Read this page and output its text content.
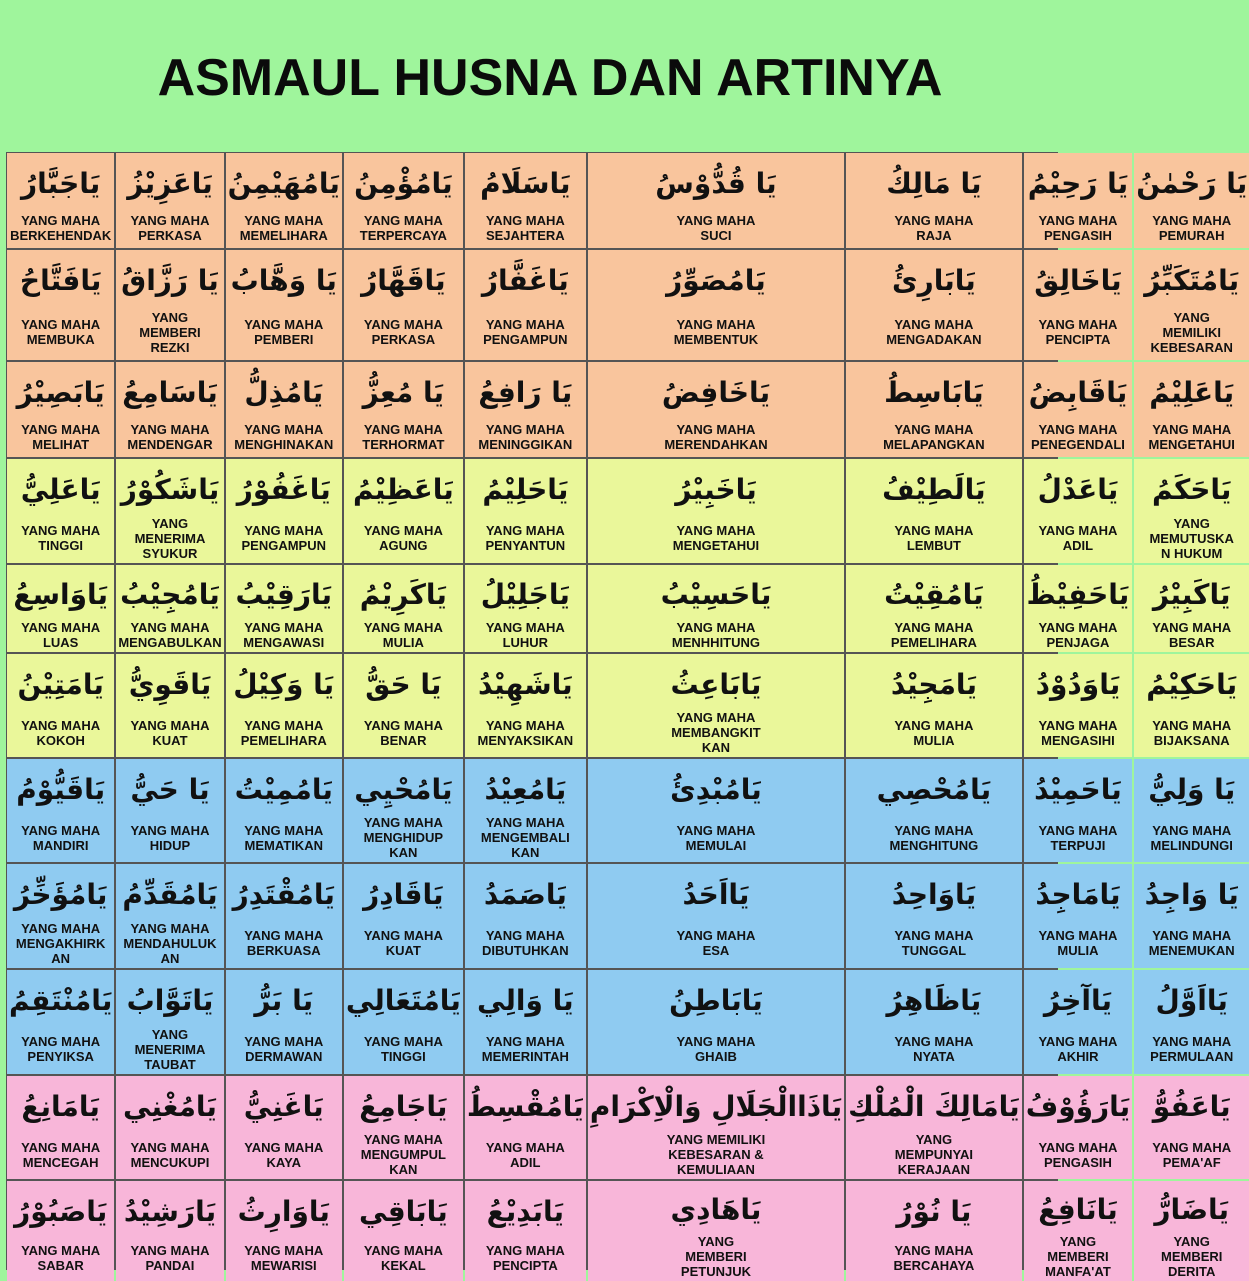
ASMAUL HUSNA DAN ARTINYA
يَاجَبَّارُ
YANG MAHA
BERKEHENDAK
يَاعَزِيْزُ
YANG MAHA
PERKASA
يَامُهَيْمِنُ
YANG MAHA
MEMELIHARA
يَامُؤْمِنُ
YANG MAHA
TERPERCAYA
يَاسَلَامُ
YANG MAHA
SEJAHTERA
يَا قُدُّوْسُ
YANG MAHA
SUCI
يَا مَالِكُ
YANG MAHA
RAJA
يَا رَحِيْمُ
YANG MAHA
PENGASIH
يَا رَحْمٰنُ
YANG MAHA
PEMURAH
يَافَتَّاحُ
YANG MAHA
MEMBUKA
يَا رَزَّاقُ
YANG
MEMBERI
REZKI
يَا وَهَّابُ
YANG MAHA
PEMBERI
يَاقَهَّارُ
YANG MAHA
PERKASA
يَاغَفَّارُ
YANG MAHA
PENGAMPUN
يَامُصَوِّرُ
YANG MAHA
MEMBENTUK
يَابَارِئُ
YANG MAHA
MENGADAKAN
يَاخَالِقُ
YANG MAHA
PENCIPTA
يَامُتَكَبِّرُ
YANG
MEMILIKI
KEBESARAN
يَابَصِيْرُ
YANG MAHA
MELIHAT
يَاسَامِعُ
YANG MAHA
MENDENGAR
يَامُذِلُّ
YANG MAHA
MENGHINAKAN
يَا مُعِزُّ
YANG MAHA
TERHORMAT
يَا رَافِعُ
YANG MAHA
MENINGGIKAN
يَاخَافِضُ
YANG MAHA
MERENDAHKAN
يَابَاسِطُ
YANG MAHA
MELAPANGKAN
يَاقَابِضُ
YANG MAHA
PENEGENDALI
يَاعَلِيْمُ
YANG MAHA
MENGETAHUI
يَاعَلِيُّ
YANG MAHA
TINGGI
يَاشَكُوْرُ
YANG
MENERIMA
SYUKUR
يَاغَفُوْرُ
YANG MAHA
PENGAMPUN
يَاعَظِيْمُ
YANG MAHA
AGUNG
يَاحَلِيْمُ
YANG MAHA
PENYANTUN
يَاخَبِيْرُ
YANG MAHA
MENGETAHUI
يَالَطِيْفُ
YANG MAHA
LEMBUT
يَاعَدْلُ
YANG MAHA
ADIL
يَاحَكَمُ
YANG
MEMUTUSKA
N HUKUM
يَاوَاسِعُ
YANG MAHA
LUAS
يَامُجِيْبُ
YANG MAHA
MENGABULKAN
يَارَقِيْبُ
YANG MAHA
MENGAWASI
يَاكَرِيْمُ
YANG MAHA
MULIA
يَاجَلِيْلُ
YANG MAHA
LUHUR
يَاحَسِيْبُ
YANG MAHA
MENHHITUNG
يَامُقِيْتُ
YANG MAHA
PEMELIHARA
يَاحَفِيْظُ
YANG MAHA
PENJAGA
يَاكَبِيْرُ
YANG MAHA
BESAR
يَامَتِيْنُ
YANG MAHA
KOKOH
يَاقَوِيُّ
YANG MAHA
KUAT
يَا وَكِيْلُ
YANG MAHA
PEMELIHARA
يَا حَقُّ
YANG MAHA
BENAR
يَاشَهِيْدُ
YANG MAHA
MENYAKSIKAN
يَابَاعِثُ
YANG MAHA
MEMBANGKIT
KAN
يَامَجِيْدُ
YANG MAHA
MULIA
يَاوَدُوْدُ
YANG MAHA
MENGASIHI
يَاحَكِيْمُ
YANG MAHA
BIJAKSANA
يَاقَيُّوْمُ
YANG MAHA
MANDIRI
يَا حَيُّ
YANG MAHA
HIDUP
يَامُمِيْتُ
YANG MAHA
MEMATIKAN
يَامُحْيِي
YANG MAHA
MENGHIDUP
KAN
يَامُعِيْدُ
YANG MAHA
MENGEMBALI
KAN
يَامُبْدِئُ
YANG MAHA
MEMULAI
يَامُحْصِي
YANG MAHA
MENGHITUNG
يَاحَمِيْدُ
YANG MAHA
TERPUJI
يَا وَلِيُّ
YANG MAHA
MELINDUNGI
يَامُؤَخِّرُ
YANG MAHA
MENGAKHIRK
AN
يَامُقَدِّمُ
YANG MAHA
MENDAHULUK
AN
يَامُقْتَدِرُ
YANG MAHA
BERKUASA
يَاقَادِرُ
YANG MAHA
KUAT
يَاصَمَدُ
YANG MAHA
DIBUTUHKAN
يَااَحَدُ
YANG MAHA
ESA
يَاوَاحِدُ
YANG MAHA
TUNGGAL
يَامَاجِدُ
YANG MAHA
MULIA
يَا وَاجِدُ
YANG MAHA
MENEMUKAN
يَامُنْتَقِمُ
YANG MAHA
PENYIKSA
يَاتَوَّابُ
YANG
MENERIMA
TAUBAT
يَا بَرُّ
YANG MAHA
DERMAWAN
يَامُتَعَالِي
YANG MAHA
TINGGI
يَا وَالِي
YANG MAHA
MEMERINTAH
يَابَاطِنُ
YANG MAHA
GHAIB
يَاظَاهِرُ
YANG MAHA
NYATA
يَاآخِرُ
YANG MAHA
AKHIR
يَااَوَّلُ
YANG MAHA
PERMULAAN
يَامَانِعُ
YANG MAHA
MENCEGAH
يَامُغْنِي
YANG MAHA
MENCUKUPI
يَاغَنِيُّ
YANG MAHA
KAYA
يَاجَامِعُ
YANG MAHA
MENGUMPUL
KAN
يَامُقْسِطُ
YANG MAHA
ADIL
يَاذَاالْجَلَالِ وَالْاِكْرَامِ
YANG MEMILIKI
KEBESARAN &
KEMULIAAN
يَامَالِكَ الْمُلْكِ
YANG
MEMPUNYAI
KERAJAAN
يَارَؤُوْفُ
YANG MAHA
PENGASIH
يَاعَفُوُّ
YANG MAHA
PEMA'AF
يَاصَبُوْرُ
YANG MAHA
SABAR
يَارَشِيْدُ
YANG MAHA
PANDAI
يَاوَارِثُ
YANG MAHA
MEWARISI
يَابَاقِي
YANG MAHA
KEKAL
يَابَدِيْعُ
YANG MAHA
PENCIPTA
يَاهَادِي
YANG
MEMBERI
PETUNJUK
يَا نُوْرُ
YANG MAHA
BERCAHAYA
يَانَافِعُ
YANG
MEMBERI
MANFA'AT
يَاضَارُّ
YANG
MEMBERI
DERITA
